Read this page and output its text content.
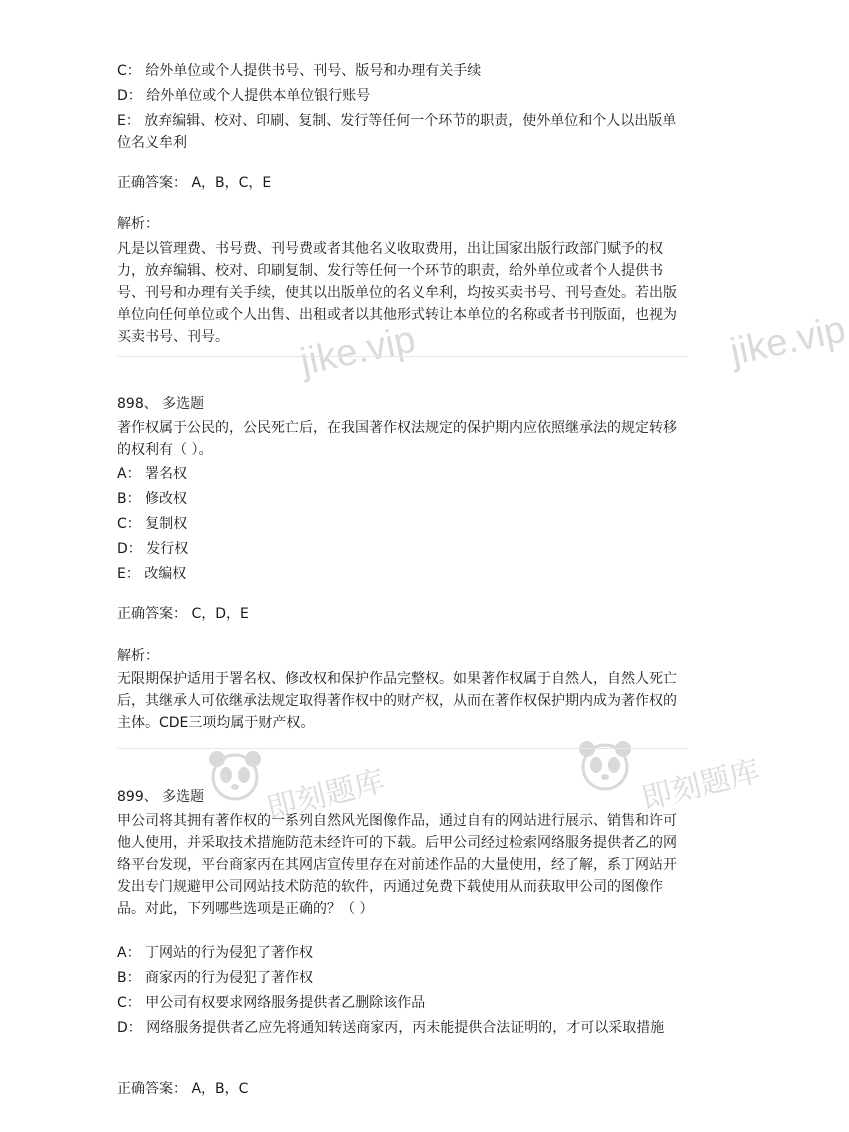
jike.vip	jike.vip
即刻题库	即刻题库
C： 给外单位或个人提供书号、刊号、版号和办理有关手续
D： 给外单位或个人提供本单位银行账号
E： 放弃编辑、校对、印刷、复制、发行等任何一个环节的职责，使外单位和个人以出版单位名义牟利
正确答案： A，B，C，E
解析：
凡是以管理费、书号费、刊号费或者其他名义收取费用，出让国家出版行政部门赋予的权力，放弃编辑、校对、印刷复制、发行等任何一个环节的职责，给外单位或者个人提供书号、刊号和办理有关手续，使其以出版单位的名义牟利，均按买卖书号、刊号查处。若出版单位向任何单位或个人出售、出租或者以其他形式转让本单位的名称或者书刊版面，也视为买卖书号、刊号。
898、 多选题
著作权属于公民的，公民死亡后，在我国著作权法规定的保护期内应依照继承法的规定转移的权利有（ ）。
A： 署名权
B： 修改权
C： 复制权
D： 发行权
E： 改编权
正确答案： C，D，E
解析：
无限期保护适用于署名权、修改权和保护作品完整权。如果著作权属于自然人，自然人死亡后，其继承人可依继承法规定取得著作权中的财产权，从而在著作权保护期内成为著作权的主体。CDE三项均属于财产权。
899、 多选题
甲公司将其拥有著作权的一系列自然风光图像作品，通过自有的网站进行展示、销售和许可他人使用，并采取技术措施防范未经许可的下载。后甲公司经过检索网络服务提供者乙的网络平台发现，平台商家丙在其网店宣传里存在对前述作品的大量使用，经了解，系丁网站开发出专门规避甲公司网站技术防范的软件，丙通过免费下载使用从而获取甲公司的图像作品。对此，下列哪些选项是正确的？（ ）
A： 丁网站的行为侵犯了著作权
B： 商家丙的行为侵犯了著作权
C： 甲公司有权要求网络服务提供者乙删除该作品
D： 网络服务提供者乙应先将通知转送商家丙，丙未能提供合法证明的，才可以采取措施
正确答案： A，B，C
